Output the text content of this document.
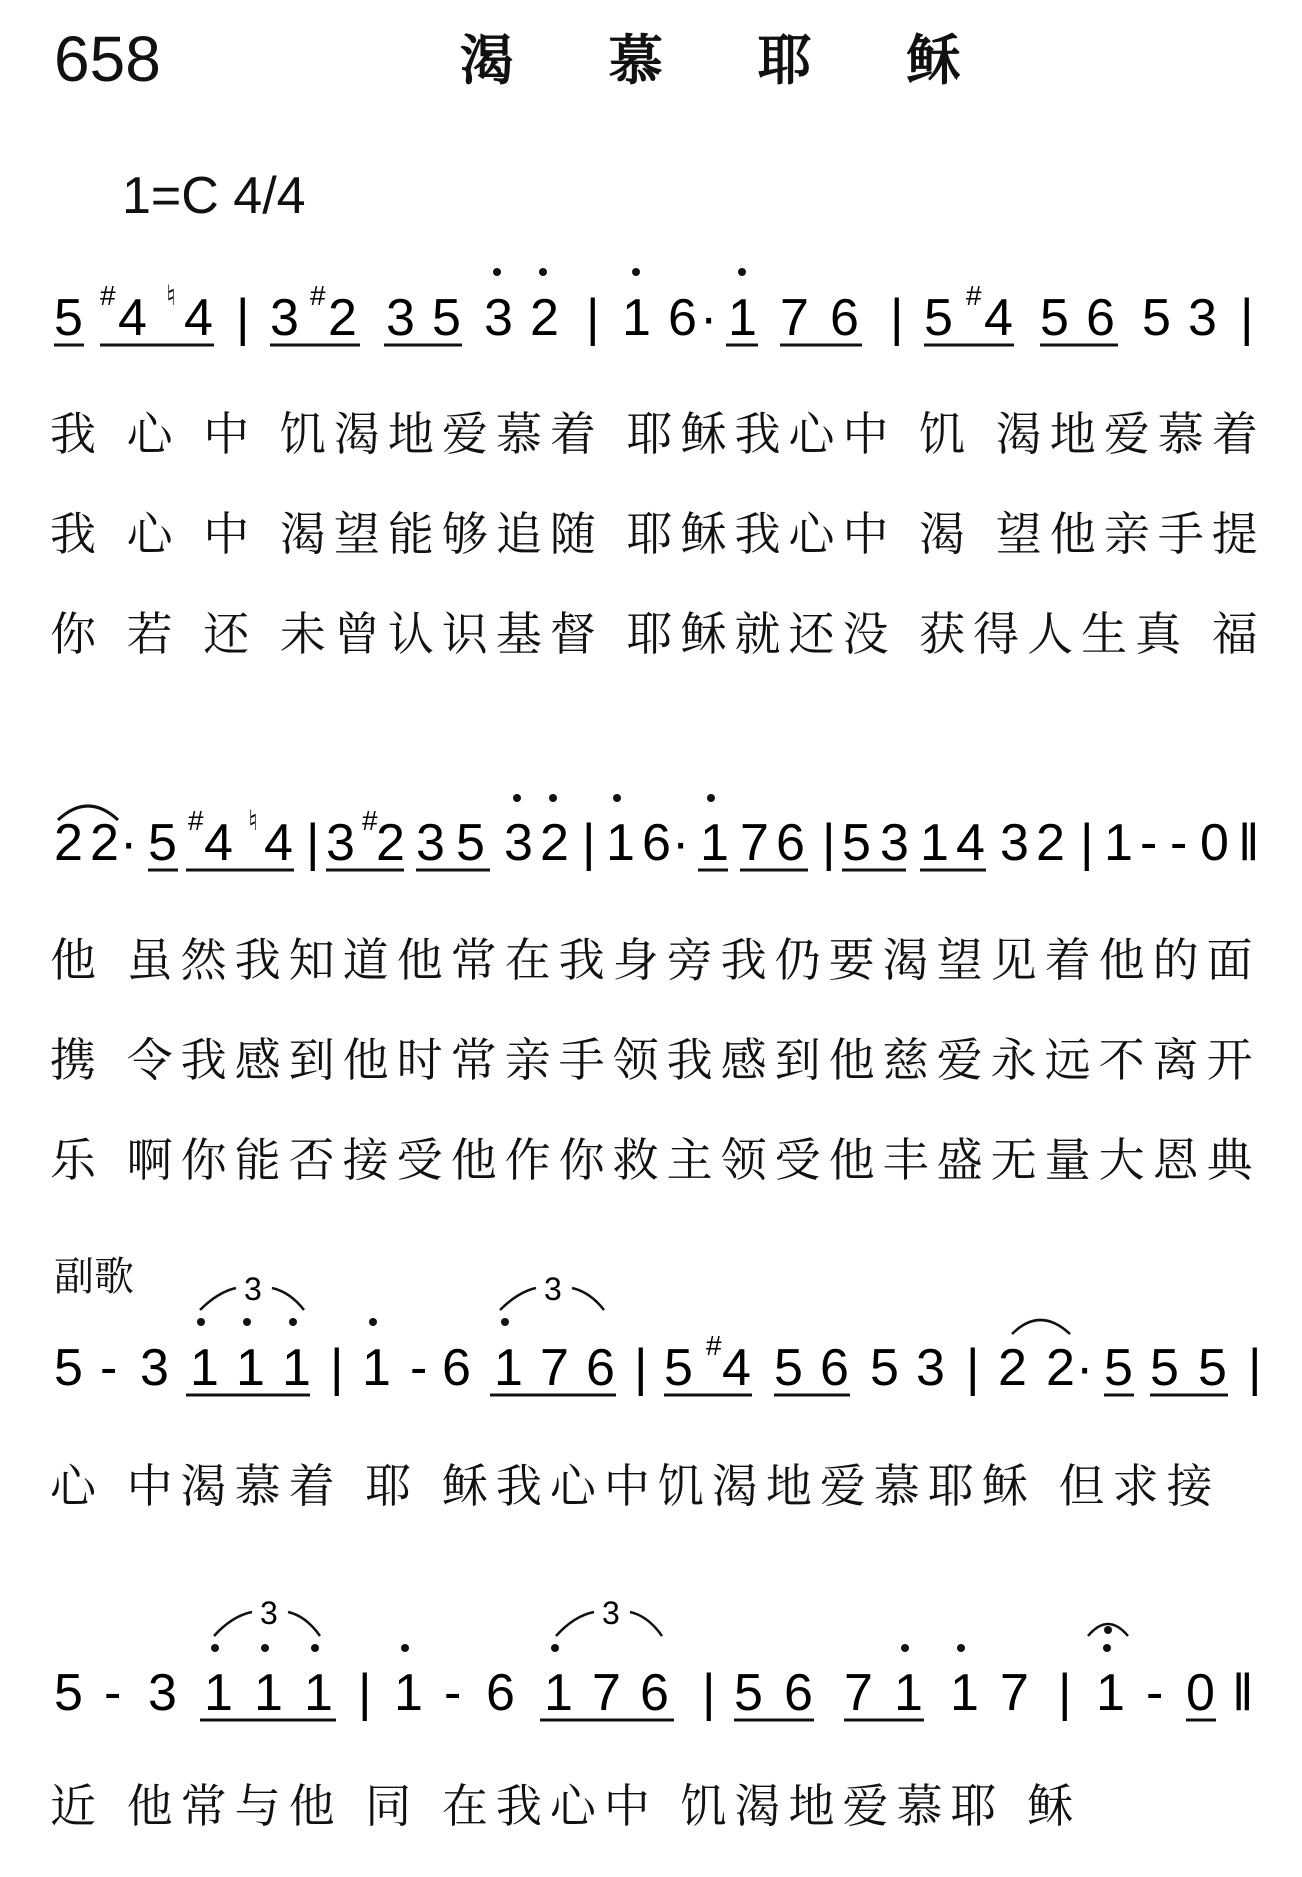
658	渴 慕 耶 稣
1=C 4/4
5 # 4 ♮ 4 | 3 # 2 3 5 3 2 | 1 6 · 1 7 6 | 5 # 4 5 6 5 3 |
2 2 · 5 # 4 ♮ 4 | 3 #
2 3 5 3 2 | 1 6 · 1 7 6 | 5 3 1 4 3 2 | 1 - - 0 ‖
3	3
5 - 3 1 1 1 | 1 - 6 1 7 6 | 5 # 4 5 6 5 3 | 2 2 · 5 5 5 |
3	3
5 - 3 1 1 1 | 1 - 6 1 7 6 | 5 6 7 1 1 7 | 1 - 0 ‖
我 心 中 饥渴地爱慕着 耶稣我心中 饥 渴地爱慕着
我 心 中 渴望能够追随 耶稣我心中 渴 望他亲手提
你 若 还 未曾认识基督 耶稣就还没 获得人生真 福
他 虽然我知道他常在我身旁我仍要渴望见着他的面
携 令我感到他时常亲手领我感到他慈爱永远不离开
乐 啊你能否接受他作你救主领受他丰盛无量大恩典
副歌
心 中渴慕着 耶 稣我心中饥渴地爱慕耶稣 但求接
近 他常与他 同 在我心中 饥渴地爱慕耶 稣
